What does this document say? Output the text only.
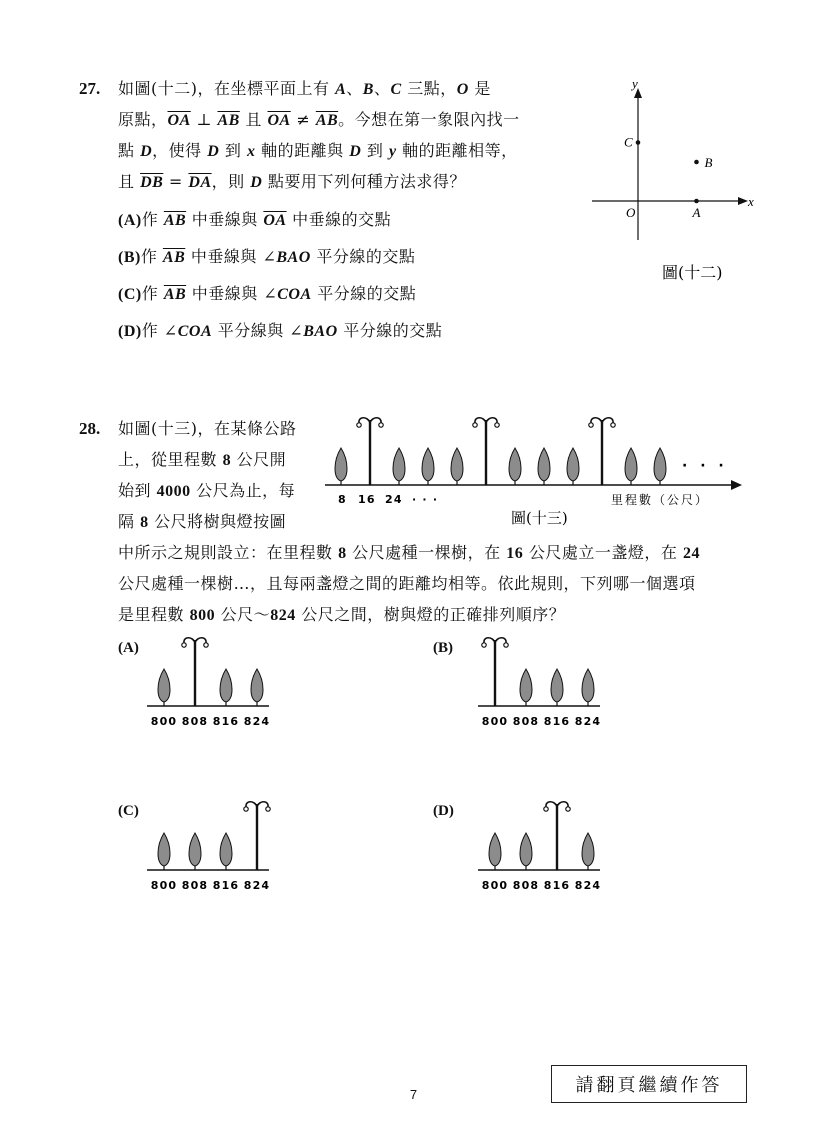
27. 如圖(十二)，在坐標平面上有 A、B、C 三點，O 是
原點，$\overline{OA}$ ⊥ $\overline{AB}$ 且 $\overline{OA} \ne \overline{AB}$。今想在第一象限內找一
點 D，使得 D 到 x 軸的距離與 D 到 y 軸的距離相等，
且 $\overline{DB} = \overline{DA}$，則 D 點要用下列何種方法求得？
(A)作 $\overline{AB}$ 中垂線與 $\overline{OA}$ 中垂線的交點
(B)作 $\overline{AB}$ 中垂線與 ∠BAO 平分線的交點
(C)作 $\overline{AB}$ 中垂線與 ∠COA 平分線的交點
(D)作 ∠COA 平分線與 ∠BAO 平分線的交點
x
y
O	A
B
C
圖(十二)
28. 如圖(十三)，在某條公路
上，從里程數 8 公尺開
始到 4000 公尺為止，每
隔 8 公尺將樹與燈按圖
中所示之規則設立：在里程數 8 公尺處種一棵樹，在 16 公尺處立一盞燈，在 24
公尺處種一棵樹…，且每兩盞燈之間的距離均相等。依此規則，下列哪一個選項
是里程數 800 公尺～824 公尺之間，樹與燈的正確排列順序？
8 16 24 · · ·
· · ·
里程數（公尺）
圖(十三)
(A)	(B)
(C)	(D)
800 808 816 824	800 808 816 824
800 808 816 824	800 808 816 824
7	請翻頁繼續作答
